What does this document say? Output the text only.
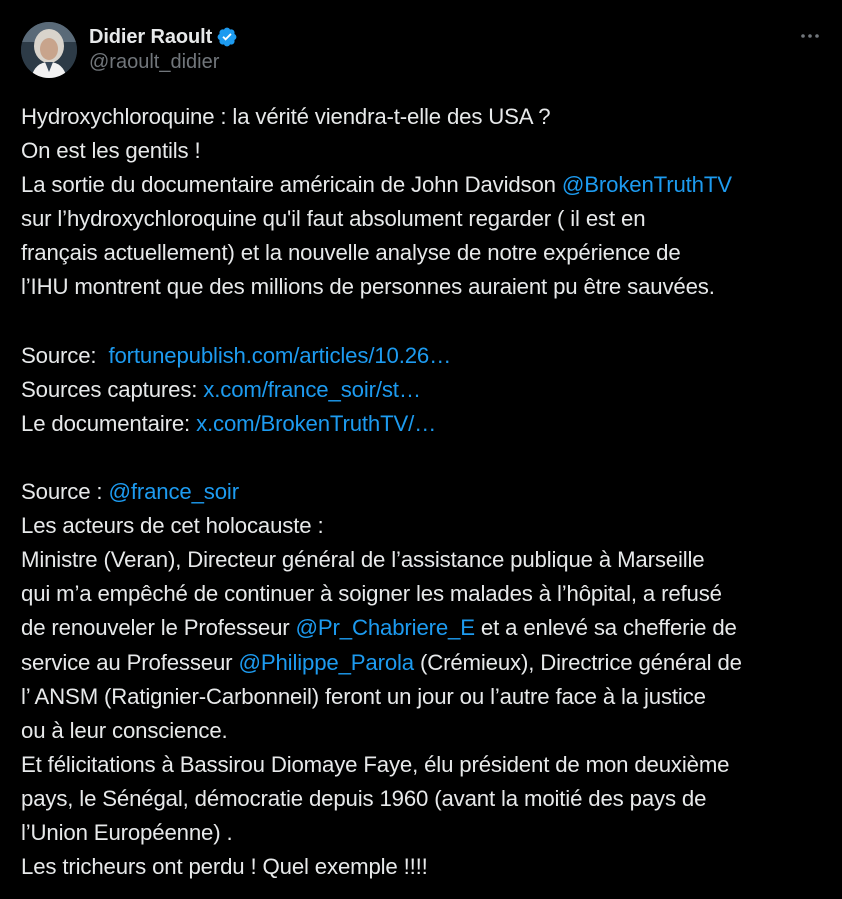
Didier Raoult
@raoult_didier
Hydroxychloroquine : la vérité viendra-t-elle des USA ?
On est les gentils !
La sortie du documentaire américain de John Davidson @BrokenTruthTV
sur l’hydroxychloroquine qu'il faut absolument regarder ( il est en
français actuellement) et la nouvelle analyse de notre expérience de
l’IHU montrent que des millions de personnes auraient pu être sauvées.
Source:  fortunepublish.com/articles/10.26…
Sources captures: x.com/france_soir/st…
Le documentaire: x.com/BrokenTruthTV/…
Source : @france_soir
Les acteurs de cet holocauste :
Ministre (Veran), Directeur général de l’assistance publique à Marseille
qui m’a empêché de continuer à soigner les malades à l’hôpital, a refusé
de renouveler le Professeur @Pr_Chabriere_E et a enlevé sa chefferie de
service au Professeur @Philippe_Parola (Crémieux), Directrice général de
l’ ANSM (Ratignier-Carbonneil) feront un jour ou l’autre face à la justice
ou à leur conscience.
Et félicitations à Bassirou Diomaye Faye, élu président de mon deuxième
pays, le Sénégal, démocratie depuis 1960 (avant la moitié des pays de
l’Union Européenne) .
Les tricheurs ont perdu ! Quel exemple !!!!
